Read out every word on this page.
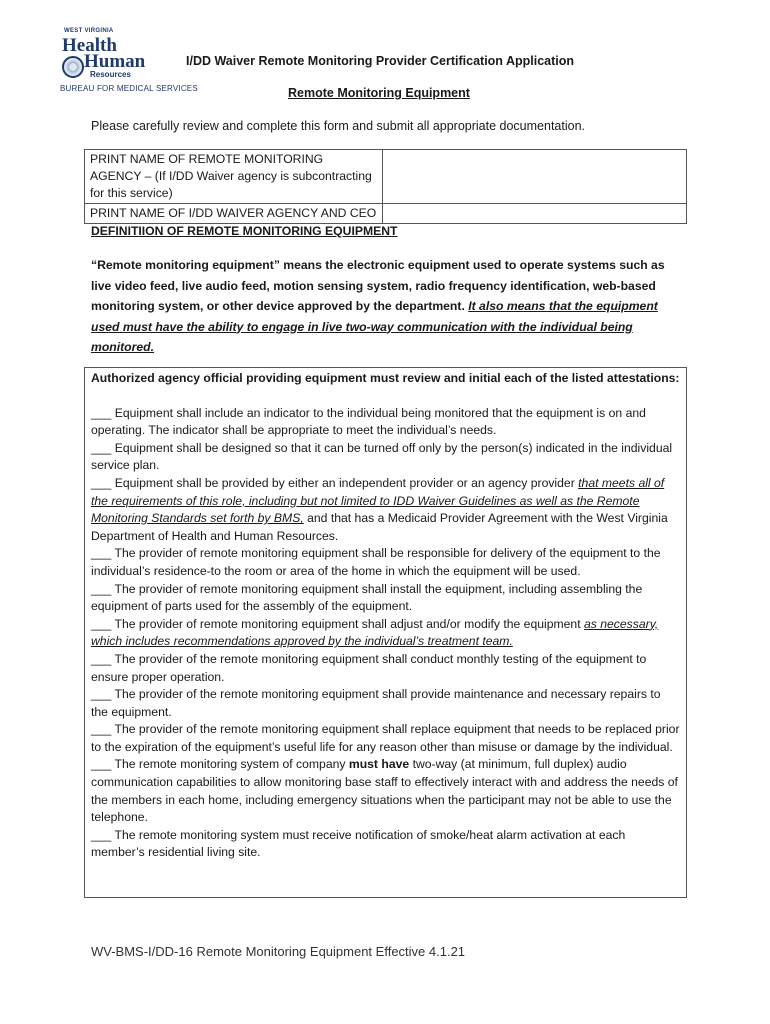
WEST VIRGINIA
Health
Human
Resources
BUREAU FOR MEDICAL SERVICES
I/DD Waiver Remote Monitoring Provider Certification Application
Remote Monitoring Equipment
Please carefully review and complete this form and submit all appropriate documentation.
PRINT NAME OF REMOTE MONITORING AGENCY – (If I/DD Waiver agency is subcontracting for this service)	
PRINT NAME OF I/DD WAIVER AGENCY AND CEO	
DEFINITIION OF REMOTE MONITORING EQUIPMENT
“Remote monitoring equipment” means the electronic equipment used to operate systems such as live video feed, live audio feed, motion sensing system, radio frequency identification, web-based monitoring system, or other device approved by the department. It also means that the equipment used must have the ability to engage in live two-way communication with the individual being monitored.
Authorized agency official providing equipment must review and initial each of the listed attestations:

___ Equipment shall include an indicator to the individual being monitored that the equipment is on and operating. The indicator shall be appropriate to meet the individual’s needs.

___ Equipment shall be designed so that it can be turned off only by the person(s) indicated in the individual service plan.

___ Equipment shall be provided by either an independent provider or an agency provider that meets all of the requirements of this role, including but not limited to IDD Waiver Guidelines as well as the Remote Monitoring Standards set forth by BMS, and that has a Medicaid Provider Agreement with the West Virginia Department of Health and Human Resources.

___ The provider of remote monitoring equipment shall be responsible for delivery of the equipment to the individual’s residence-to the room or area of the home in which the equipment will be used.

___ The provider of remote monitoring equipment shall install the equipment, including assembling the equipment of parts used for the assembly of the equipment.

___ The provider of remote monitoring equipment shall adjust and/or modify the equipment as necessary, which includes recommendations approved by the individual’s treatment team.

___ The provider of the remote monitoring equipment shall conduct monthly testing of the equipment to ensure proper operation.

___ The provider of the remote monitoring equipment shall provide maintenance and necessary repairs to the equipment.

___ The provider of the remote monitoring equipment shall replace equipment that needs to be replaced prior to the expiration of the equipment’s useful life for any reason other than misuse or damage by the individual.

___ The remote monitoring system of company must have two-way (at minimum, full duplex) audio communication capabilities to allow monitoring base staff to effectively interact with and address the needs of the members in each home, including emergency situations when the participant may not be able to use the telephone.

___ The remote monitoring system must receive notification of smoke/heat alarm activation at each member’s residential living site.

WV-BMS-I/DD-16 Remote Monitoring Equipment Effective 4.1.21
